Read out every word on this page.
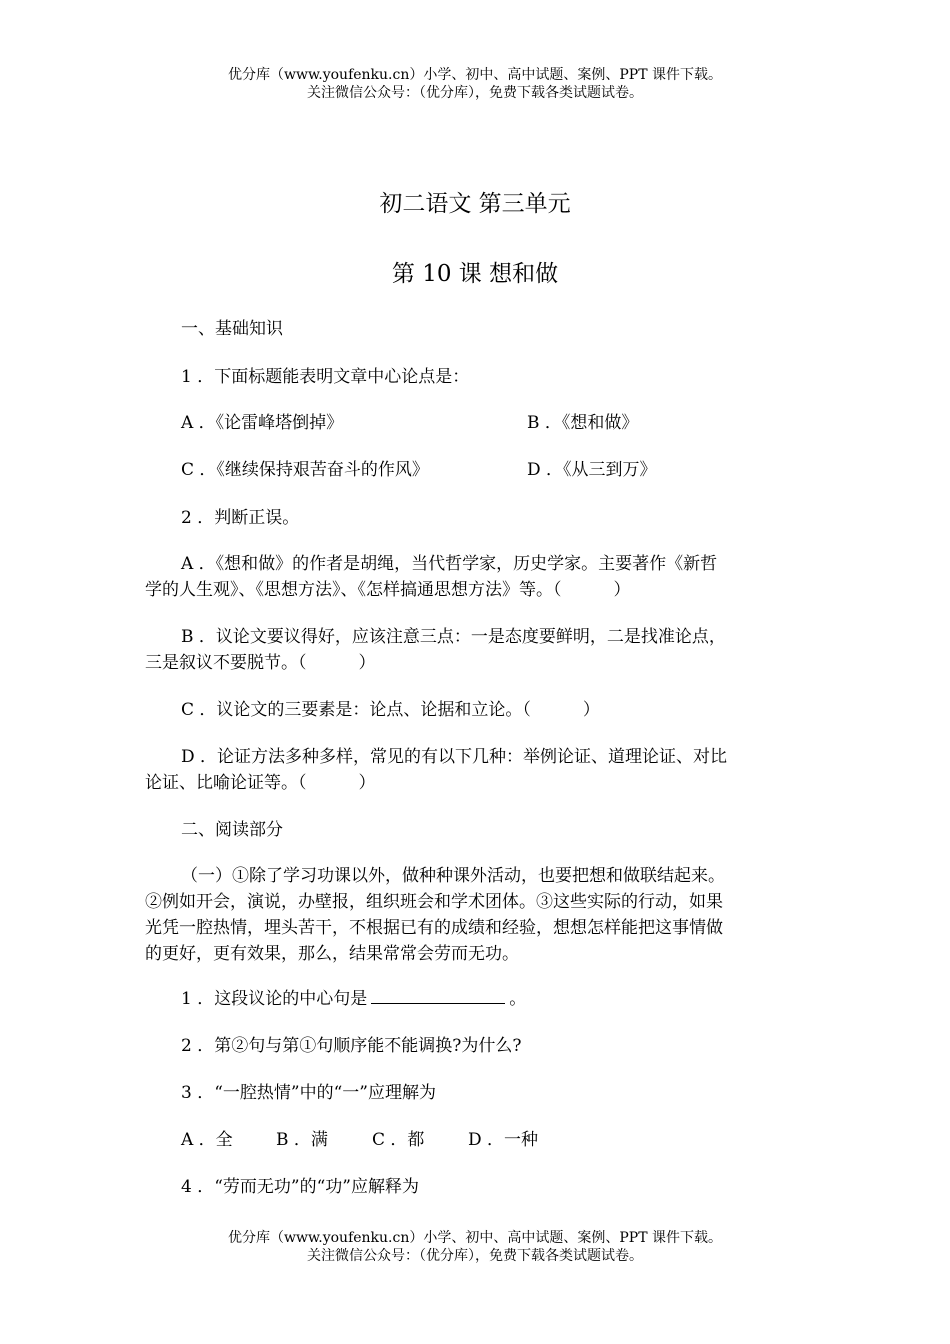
优分库（www.youfenku.cn）小学、初中、高中试题、案例、PPT 课件下载。
关注微信公众号：（优分库），免费下载各类试题试卷。
初二语文 第三单元
第 10 课 想和做
一、基础知识
1 ．下面标题能表明文章中心论点是：
A ．《论雷峰塔倒掉》	B ．《想和做》
C ．《继续保持艰苦奋斗的作风》	D ．《从三到万》
2 ．判断正误。
A ．《想和做》的作者是胡绳，当代哲学家，历史学家。主要著作《新哲
学的人生观》、《思想方法》、《怎样搞通思想方法》等。（	）
B ．议论文要议得好，应该注意三点：一是态度要鲜明，二是找准论点，
三是叙议不要脱节。（	）
C ．议论文的三要素是：论点、论据和立论。（	）
D ．论证方法多种多样，常见的有以下几种：举例论证、道理论证、对比
论证、比喻论证等。（	）
二、阅读部分
（一）①除了学习功课以外，做种种课外活动，也要把想和做联结起来。
②例如开会，演说，办壁报，组织班会和学术团体。③这些实际的行动，如果
光凭一腔热情，埋头苦干，不根据已有的成绩和经验，想想怎样能把这事情做
的更好，更有效果，那么，结果常常会劳而无功。
1 ．这段议论的中心句是	。
2 ．第②句与第①句顺序能不能调换?为什么?
3 ．“一腔热情”中的“一”应理解为
A ．全	B ．满	C ．都	D ．一种
4 ．“劳而无功”的“功”应解释为
优分库（www.youfenku.cn）小学、初中、高中试题、案例、PPT 课件下载。
关注微信公众号：（优分库），免费下载各类试题试卷。
